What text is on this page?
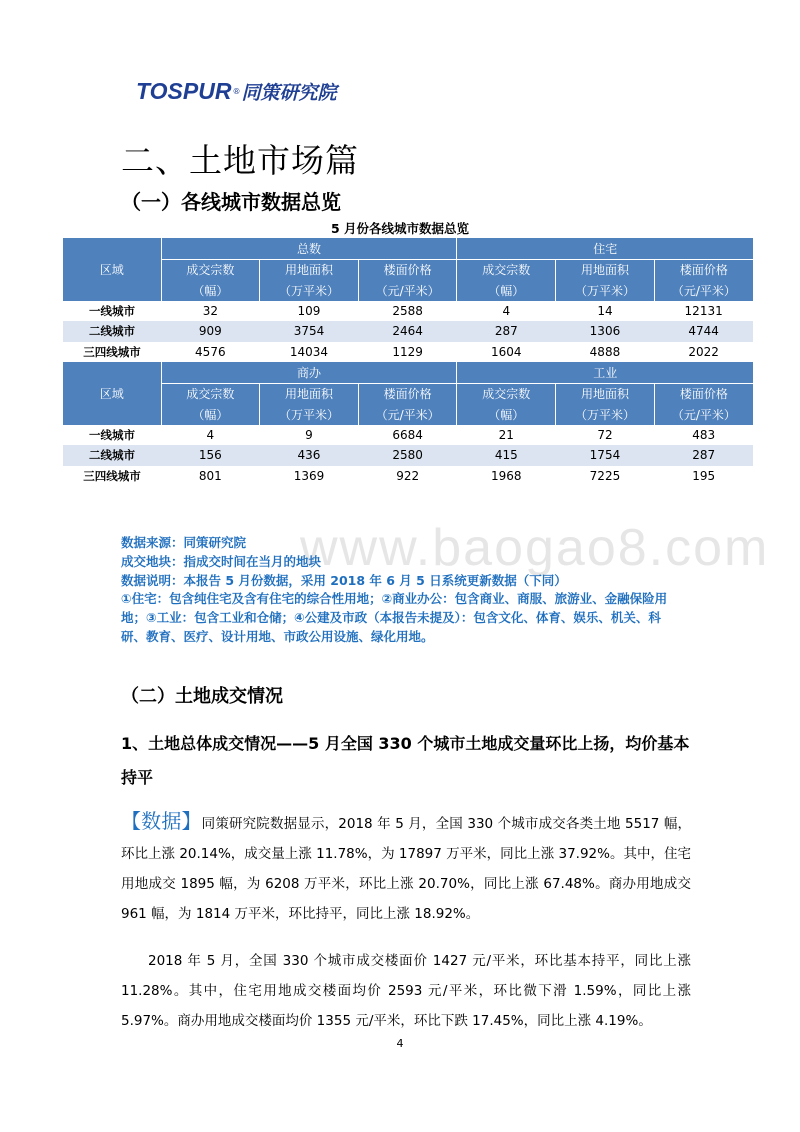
TOSPUR ® 同策研究院
二、土地市场篇
（一）各线城市数据总览
5 月份各线城市数据总览
区域	总数			住宅		
	成交宗数	用地面积	楼面价格	成交宗数	用地面积	楼面价格
	（幅）	（万平米）	（元/平米）	（幅）	（万平米）	（元/平米）
一线城市	32	109	2588	4	14	12131
二线城市	909	3754	2464	287	1306	4744
三四线城市	4576	14034	1129	1604	4888	2022
区域	商办			工业		
	成交宗数	用地面积	楼面价格	成交宗数	用地面积	楼面价格
	（幅）	（万平米）	（元/平米）	（幅）	（万平米）	（元/平米）
一线城市	4	9	6684	21	72	483
二线城市	156	436	2580	415	1754	287
三四线城市	801	1369	922	1968	7225	195
www.baogao8.com

数据来源：同策研究院

成交地块：指成交时间在当月的地块

数据说明：本报告 5 月份数据，采用 2018 年 6 月 5 日系统更新数据（下同）

①住宅：包含纯住宅及含有住宅的综合性用地；②商业办公：包含商业、商服、旅游业、金融保险用地；③工业：包含工业和仓储；④公建及市政（本报告未提及）：包含文化、体育、娱乐、机关、科研、教育、医疗、设计用地、市政公用设施、绿化用地。

（二）土地成交情况
1、土地总体成交情况——5 月全国 330 个城市土地成交量环比上扬，均价基本持平
【数据】同策研究院数据显示，2018 年 5 月，全国 330 个城市成交各类土地 5517 幅，环比上涨 20.14%，成交量上涨 11.78%，为 17897 万平米，同比上涨 37.92%。其中，住宅用地成交 1895 幅，为 6208 万平米，环比上涨 20.70%，同比上涨 67.48%。商办用地成交 961 幅，为 1814 万平米，环比持平，同比上涨 18.92%。
2018 年 5 月，全国 330 个城市成交楼面价 1427 元/平米，环比基本持平，同比上涨 11.28%。其中，住宅用地成交楼面均价 2593 元/平米，环比微下滑 1.59%，同比上涨 5.97%。商办用地成交楼面均价 1355 元/平米，环比下跌 17.45%，同比上涨 4.19%。
4
